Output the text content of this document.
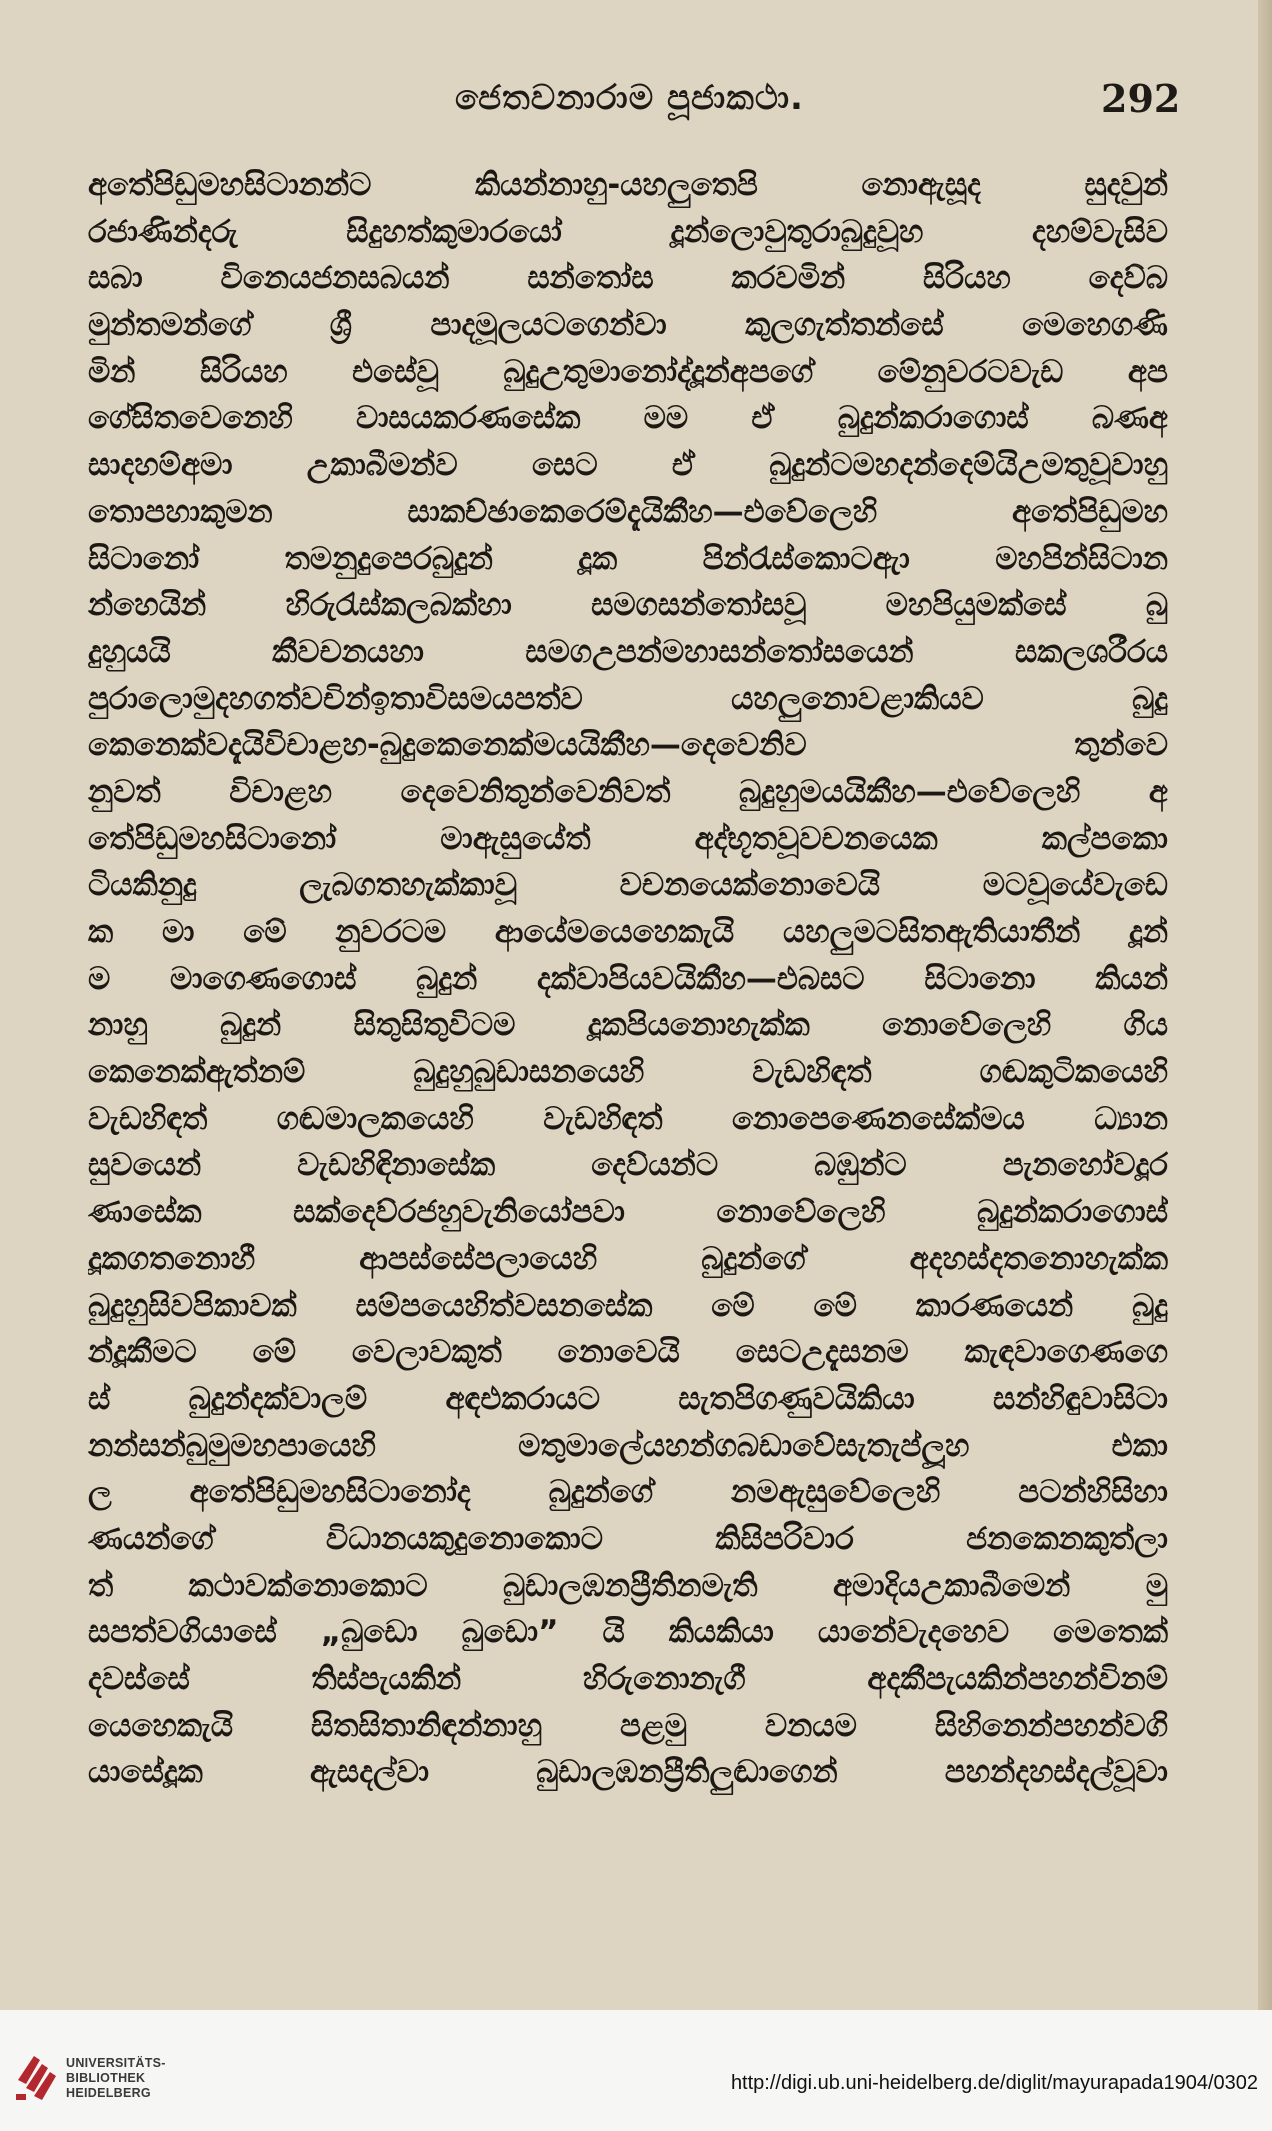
ජෙතවනාරාම පූජාකථා.	292
අතේපිඩුමහසිටානන්ට කියන්නාහු-යහලුතෙපි නොඇසූද සුදවුන්
රජාණින්දරු සිදුහත්කුමාරයෝ දූන්ලොවුතුරාබුදුවූහ දහම්වැසිව
සබා විනෙයජනසබයන් සන්තෝස කරවමින් සිරියහ දෙව්බ
මුන්තමන්ගේ ශ්‍රී පාදමූලයටගෙන්වා කුලගැත්තන්සේ මෙහෙගණි
මින් සිරියහ එසේවූ බුදුඋතුමානෝද්දූන්අපගේ මේනුවරටවැඩ අප
ගේසිතවෙනෙහි වාසයකරණසේක මම ඒ බුදුන්කරාගොස් බණඅ
සාදහම්අමා උකාබීමන්ව සෙට ඒ බුදුන්ටමහදන්දෙම්යිඋමතුවූවාහු
තොපහාකුමන සාකච්ඡාකෙරෙම්දැයිකීහ—එවේලෙහි අතේපිඩුමහ
සිටානෝ තමනුදුපෙරබුදුන් දූක පින්රැස්කොටඇා මහපින්සිටාන
න්හෙයින් හිරුරැස්කලබක්හා සමගසන්තෝසවූ මහපියුමක්සේ බු
දුහුයයි කීවචනයහා සමගඋපන්මහාසන්තෝසයෙන් සකලශරීරය
පුරාලොමුදහගත්වචින්ඉතාවිසමයපත්ව යහලුනොවළාකියව බුදු
කෙනෙක්වදැයිවිචාළහ-බුදුකෙනෙක්මයයිකීහ—දෙවෙනිව තුන්වෙ
නුවත් විචාළහ දෙවෙනිතුන්වෙනිවත් බුදුහුමයයිකීහ—එවේලෙහි අ
තේපිඩුමහසිටානෝ මාඇසුයේත් අද්භූතවූවචනයෙක කල්පකො
ටියකිනුදු ලැබගතහැක්කාවූ වචනයෙක්නොවෙයි මටවූයේවැඩෙ
ක මා මේ නුවරටම ආයේමයෙහෙකැයි යහලුමටසිතඇතියාතීන් දූන්
ම මාගෙණගොස් බුදුන් දක්වාපියවයිකීහ—එබසට සිටානො කියන්
නාහු බුදුන් සිතුසිතුවිටම දූකපියනොහැක්ක නොවේලෙහි ගිය
කෙනෙක්ඇත්නම් බුදුහුබුඩාසනයෙහි වැඩහිඳත් ගඬකුටිකයෙහි
වැඩහිඳත් ගඬමාලකයෙහි වැඩහිඳත් නොපෙණෙනසේක්මය ධ්‍යාන
සුවයෙන් වැඩහිඳිනාසේක දෙව්යන්ට බඹුන්ට පැනහෝවදූර
ණාසේක සක්දෙව්රජහුවැනියෝපවා නොවේලෙහි බුදුන්කරාගොස්
දූකගතනොහී ආපස්සේපලායෙහි බුදුන්ගේ අදහස්දතනොහැක්ක
බුදුහුසිවපිකාවක් සම්පයෙහිත්වසනසේක මේ මේ කාරණයෙන් බුදු
න්දූකීමට මේ වෙලාවකුත් නොවෙයි සෙටඋදැසනම කැඳවාගෙණගෙ
ස් බුදුන්දක්වාලම් අඳඑකරායට සැතපිගණුවයිකියා සන්හිඳුවාසිටා
නන්සන්බුමුමහපායෙහි මතුමාලේයහන්ගබඩාවේසැතැප්ලූහ එකා
ල අතේපිඩුමහසිටානෝද බුදුන්ගේ නමඇසුවේලෙහි පටන්හිසිහා
ණයන්ගේ විධානයකුදුනොකොට කිසිපරිවාර ජනකෙනකුත්ලා
ත් කථාවක්නොකොට බුඩාලඹනප්‍රීතිනමැති අමාදියඋකාබීමෙන් මු
සපත්වගියාසේ „බුඩො බුඩො” යි කියකියා යානේවැදහෙව මෙතෙක්
දවස්සේ තිස්පැයකින් හිරුනොනැගී අදකීපැයකින්පහන්විනම්
යෙහෙකැයි සිතසිතානිඳන්නාහු පළමු වනයම සිහිනෙන්පහන්වගි
යාසේදූක ඇසදල්වා බුඩාලඹනප්‍රීතිලුඬාගෙන් පහන්දහස්දල්වූවා
UNIVERSITÄTS-
BIBLIOTHEK
HEIDELBERG	http://digi.ub.uni-heidelberg.de/diglit/mayurapada1904/0302
